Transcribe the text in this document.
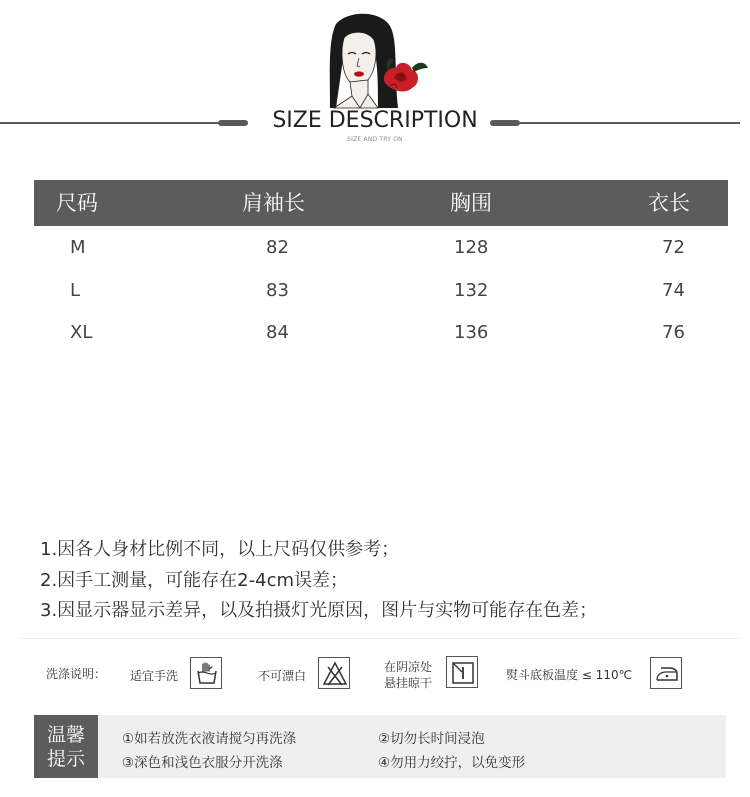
SIZE DESCRIPTION
SIZE AND TRY ON
尺码	肩袖长	胸围	衣长
M	82	128	72
L	83	132	74
XL	84	136	76
1.因各人身材比例不同，以上尺码仅供参考；
2.因手工测量，可能存在2-4cm误差；
3.因显示器显示差异，以及拍摄灯光原因，图片与实物可能存在色差；
洗涤说明： 适宜手洗	不可漂白
在阴凉处
悬挂晾干
熨斗底板温度 ≤ 110℃
温馨
提示
①如若放洗衣液请搅匀再洗涤	②切勿长时间浸泡
③深色和浅色衣服分开洗涤	④勿用力绞拧，以免变形
